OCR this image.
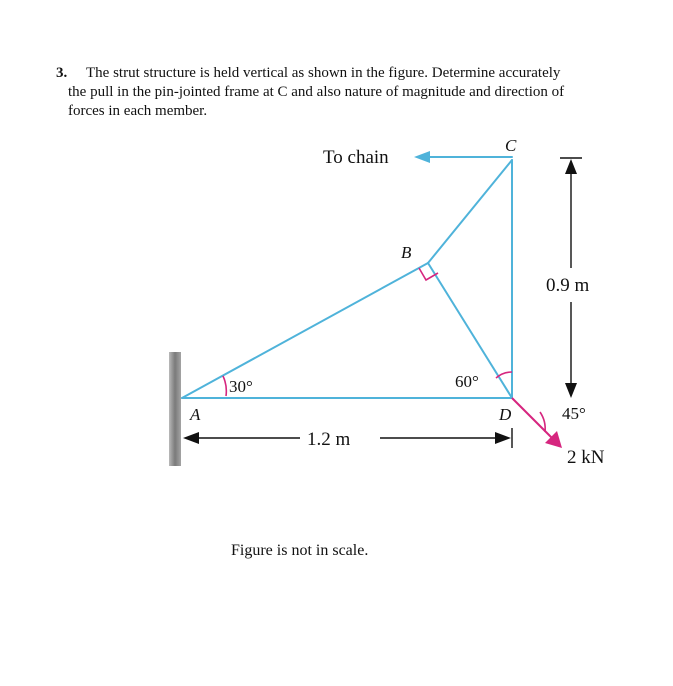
3. The strut structure is held vertical as shown in the figure. Determine accurately
the pull in the pin-jointed frame at C and also nature of magnitude and direction of
forces in each member.
To chain
C
B
A	D
30°	60°
45°
1.2 m
0.9 m
2 kN
Figure is not in scale.
